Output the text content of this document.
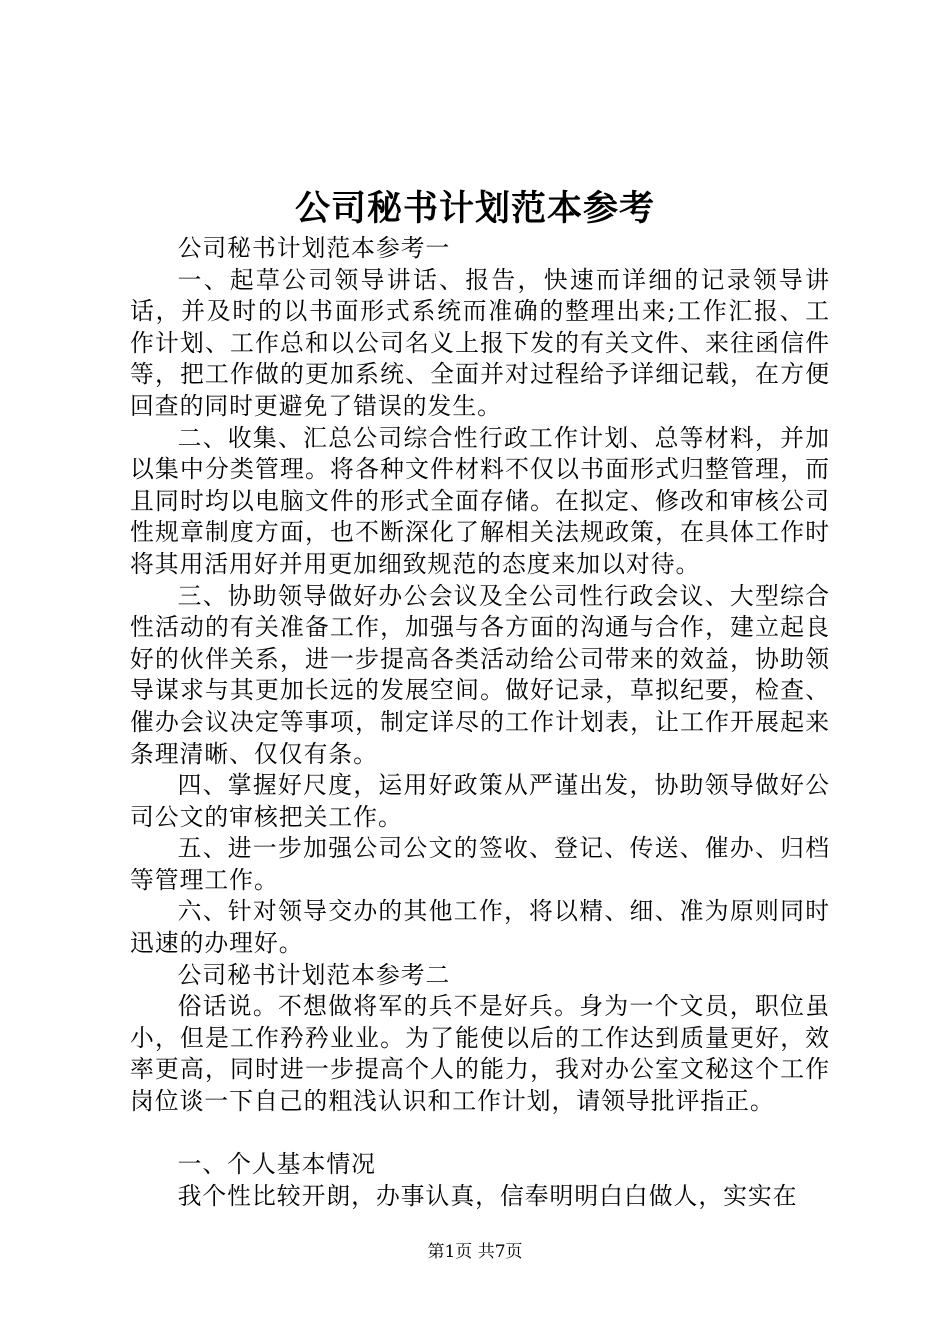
公司秘书计划范本参考

公司秘书计划范本参考一

一、起草公司领导讲话、报告，快速而详细的记录领导讲话，并及时的以书面形式系统而准确的整理出来;工作汇报、工作计划、工作总和以公司名义上报下发的有关文件、来往函信件等，把工作做的更加系统、全面并对过程给予详细记载，在方便回查的同时更避免了错误的发生。

二、收集、汇总公司综合性行政工作计划、总等材料，并加以集中分类管理。将各种文件材料不仅以书面形式归整管理，而且同时均以电脑文件的形式全面存储。在拟定、修改和审核公司性规章制度方面，也不断深化了解相关法规政策，在具体工作时将其用活用好并用更加细致规范的态度来加以对待。

三、协助领导做好办公会议及全公司性行政会议、大型综合性活动的有关准备工作，加强与各方面的沟通与合作，建立起良好的伙伴关系，进一步提高各类活动给公司带来的效益，协助领导谋求与其更加长远的发展空间。做好记录，草拟纪要，检查、催办会议决定等事项，制定详尽的工作计划表，让工作开展起来条理清晰、仅仅有条。

四、掌握好尺度，运用好政策从严谨出发，协助领导做好公司公文的审核把关工作。

五、进一步加强公司公文的签收、登记、传送、催办、归档等管理工作。

六、针对领导交办的其他工作，将以精、细、准为原则同时迅速的办理好。

公司秘书计划范本参考二

俗话说。不想做将军的兵不是好兵。身为一个文员，职位虽小，但是工作矜矜业业。为了能使以后的工作达到质量更好，效率更高，同时进一步提高个人的能力，我对办公室文秘这个工作岗位谈一下自己的粗浅认识和工作计划，请领导批评指正。

一、个人基本情况

我个性比较开朗，办事认真，信奉明明白白做人，实实在

第1页 共7页
